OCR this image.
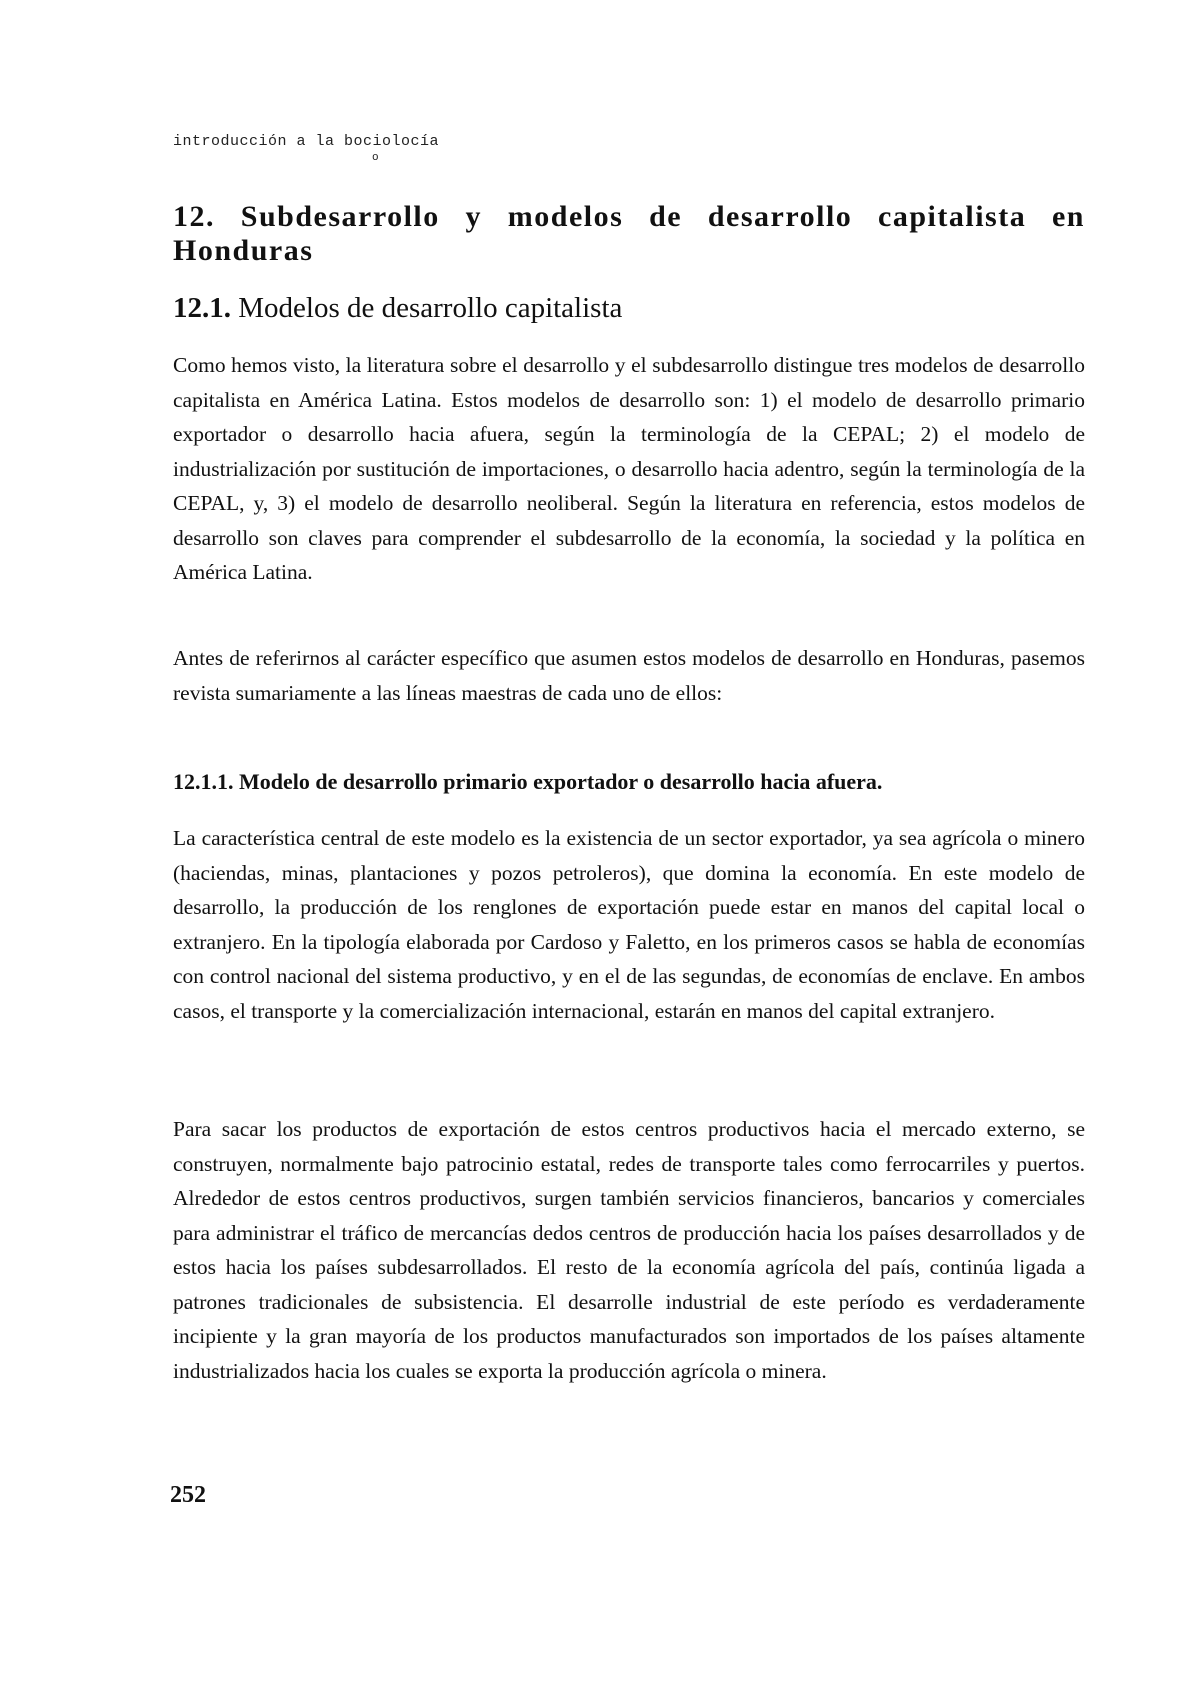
introducción a la bociolocía
o
12. Subdesarrollo y modelos de desarrollo capitalista en Honduras
12.1. Modelos de desarrollo capitalista

Como hemos visto, la literatura sobre el desarrollo y el subdesarrollo distingue tres modelos de desarrollo capitalista en América Latina. Estos modelos de desarrollo son: 1) el modelo de desarrollo primario exportador o desarrollo hacia afuera, según la terminología de la CEPAL; 2) el modelo de industrialización por sustitución de importaciones, o desarrollo hacia adentro, según la terminología de la CEPAL, y, 3) el modelo de desarrollo neoliberal. Según la literatura en referencia, estos modelos de desarrollo son claves para comprender el subdesarrollo de la economía, la sociedad y la política en América Latina.

Antes de referirnos al carácter específico que asumen estos modelos de desarrollo en Honduras, pasemos revista sumariamente a las líneas maestras de cada uno de ellos:

12.1.1. Modelo de desarrollo primario exportador o desarrollo hacia afuera.

La característica central de este modelo es la existencia de un sector exportador, ya sea agrícola o minero (haciendas, minas, plantaciones y pozos petroleros), que domina la economía. En este modelo de desarrollo, la producción de los renglones de exportación puede estar en manos del capital local o extranjero. En la tipología elaborada por Cardoso y Faletto, en los primeros casos se habla de economías con control nacional del sistema productivo, y en el de las segundas, de economías de enclave. En ambos casos, el transporte y la comercialización internacional, estarán en manos del capital extranjero.

Para sacar los productos de exportación de estos centros productivos hacia el mercado externo, se construyen, normalmente bajo patrocinio estatal, redes de transporte tales como ferrocarriles y puertos. Alrededor de estos centros productivos, surgen también servicios financieros, bancarios y comerciales para administrar el tráfico de mercancías dedos centros de producción hacia los países desarrollados y de estos hacia los países subdesarrollados. El resto de la economía agrícola del país, continúa ligada a patrones tradicionales de subsistencia. El desarrolle industrial de este período es verdaderamente incipiente y la gran mayoría de los productos manufacturados son importados de los países altamente industrializados hacia los cuales se exporta la producción agrícola o minera.

252
